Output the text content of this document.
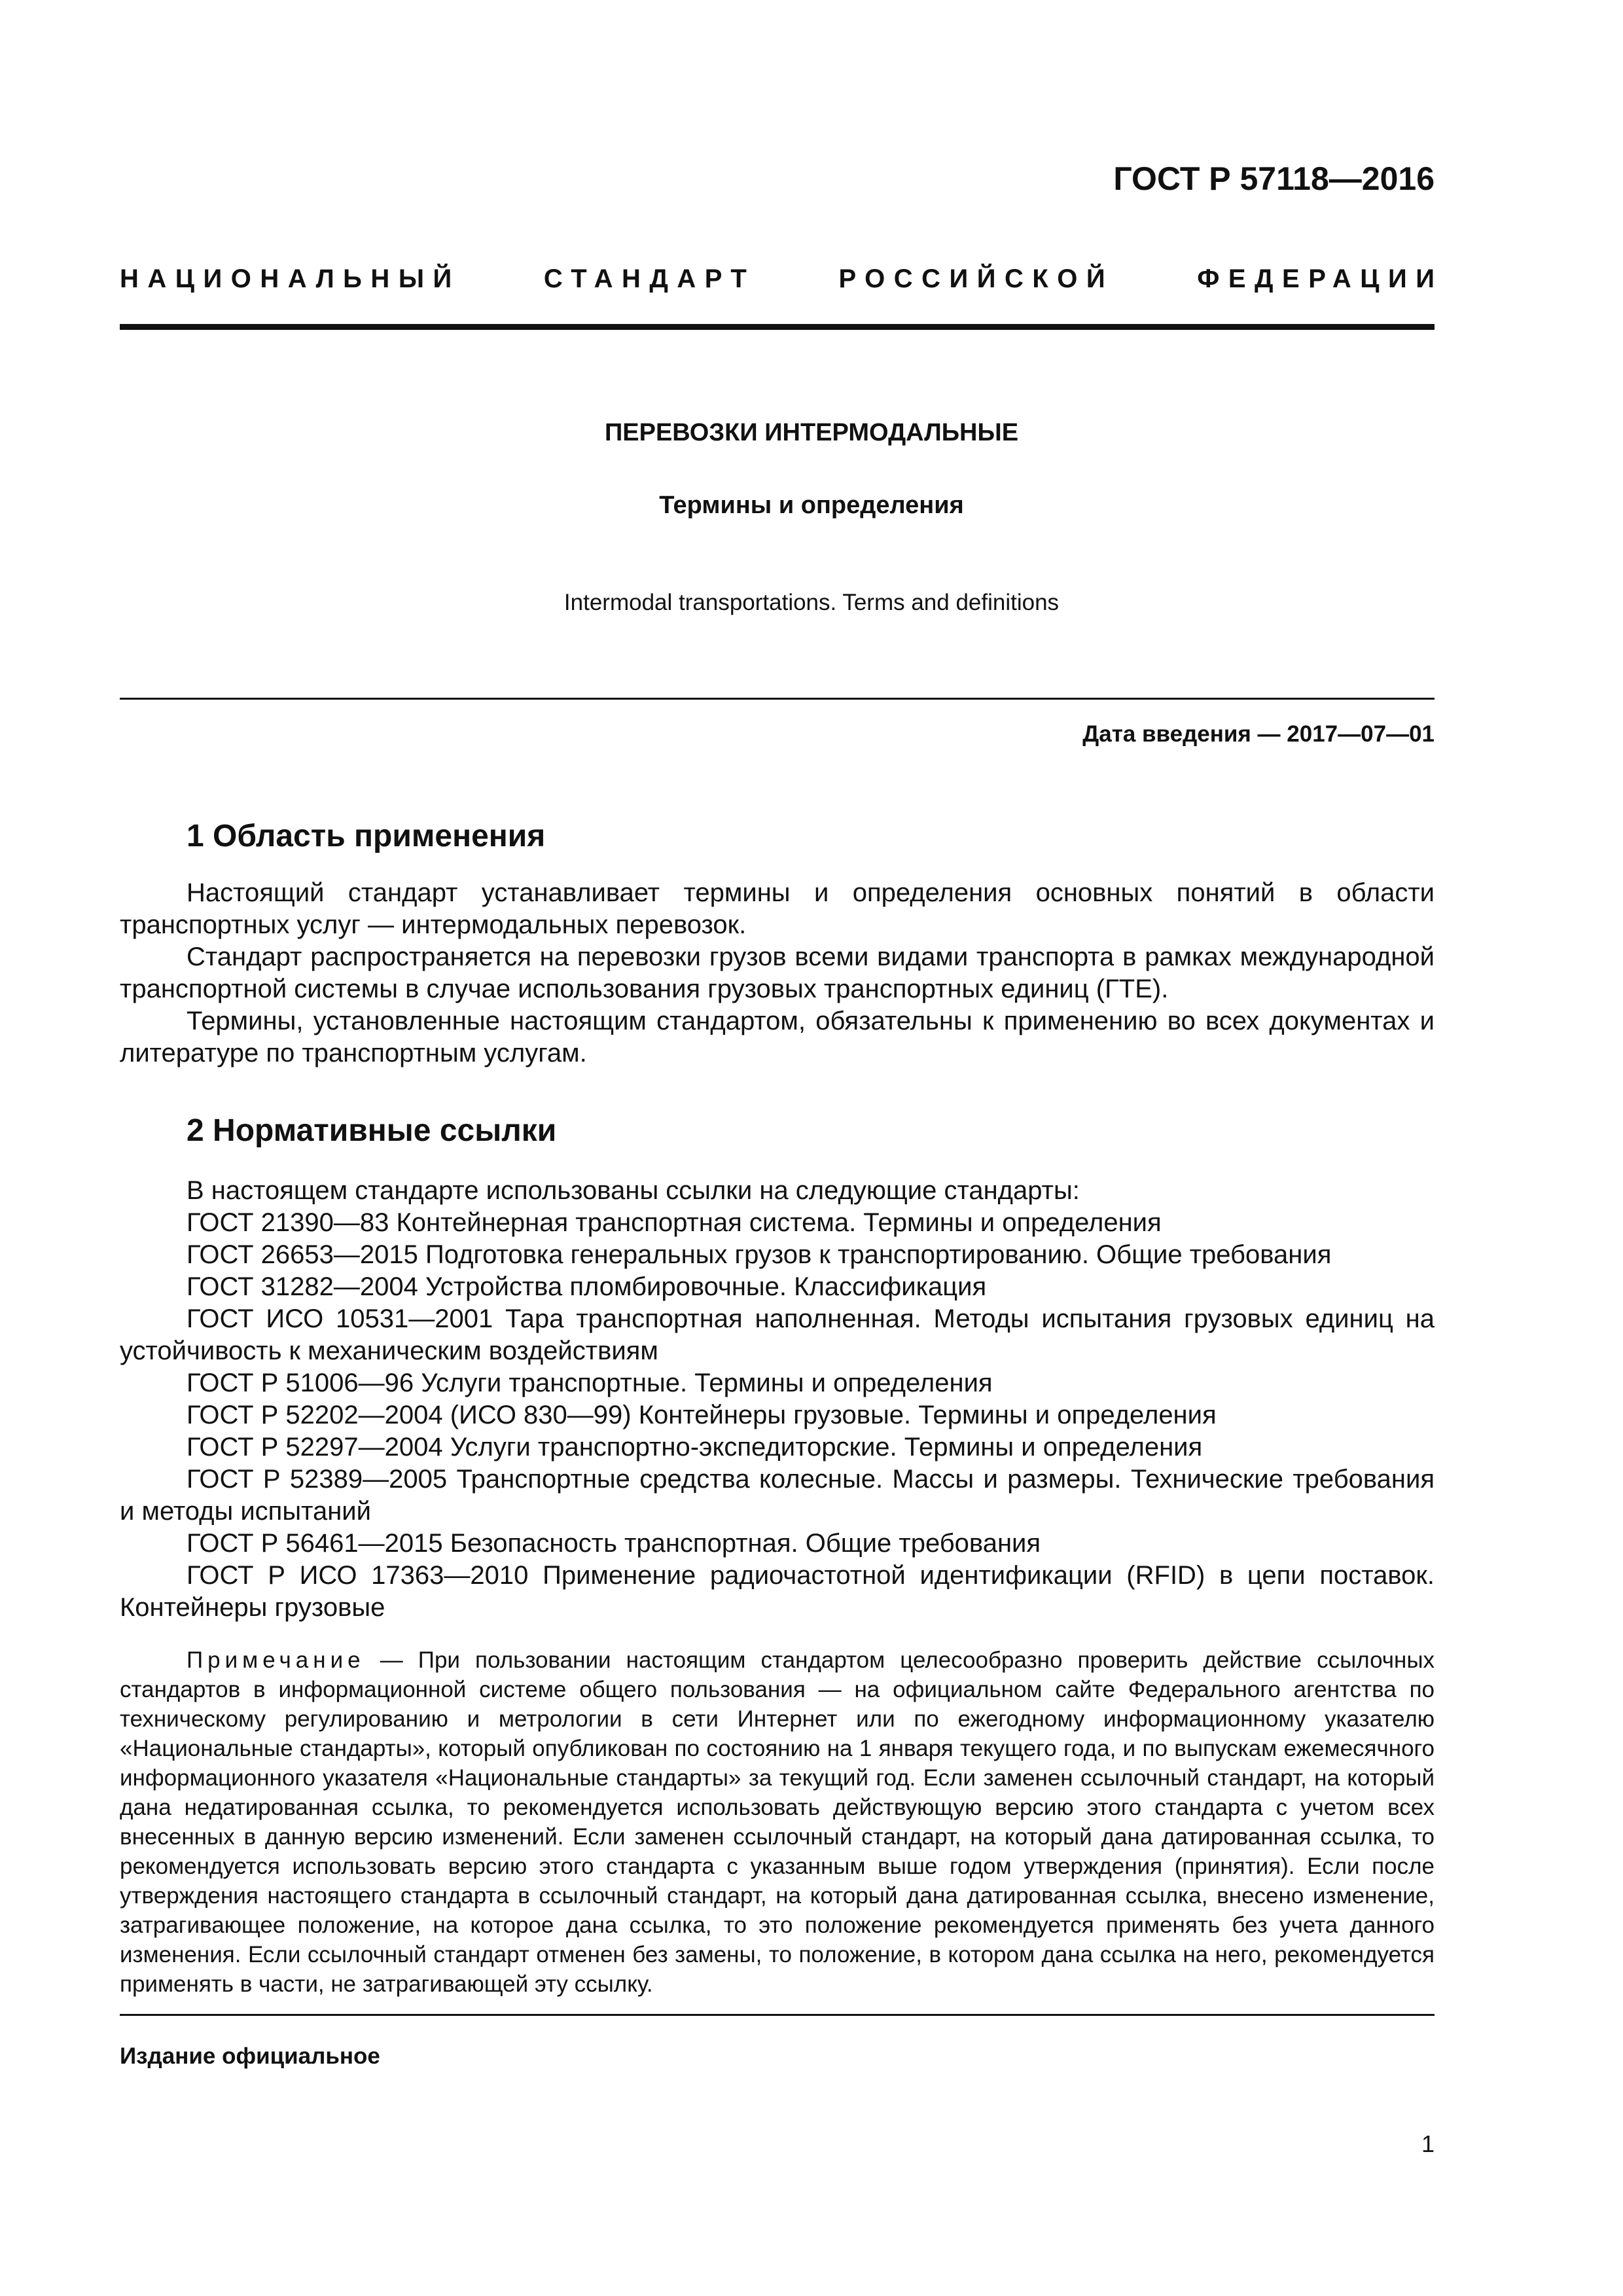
ГОСТ Р 57118—2016
НАЦИОНАЛЬНЫЙ	СТАНДАРТ	РОССИЙСКОЙ	ФЕДЕРАЦИИ
ПЕРЕВОЗКИ ИНТЕРМОДАЛЬНЫЕ
Термины и определения
Intermodal transportations. Terms and definitions
Дата введения — 2017—07—01
1 Область применения

Настоящий стандарт устанавливает термины и определения основных понятий в области транспортных услуг — интермодальных перевозок.

Стандарт распространяется на перевозки грузов всеми видами транспорта в рамках международной транспортной системы в случае использования грузовых транспортных единиц (ГТЕ).

Термины, установленные настоящим стандартом, обязательны к применению во всех документах и литературе по транспортным услугам.

2 Нормативные ссылки

В настоящем стандарте использованы ссылки на следующие стандарты:

ГОСТ 21390—83 Контейнерная транспортная система. Термины и определения

ГОСТ 26653—2015 Подготовка генеральных грузов к транспортированию. Общие требования

ГОСТ 31282—2004 Устройства пломбировочные. Классификация

ГОСТ ИСО 10531—2001 Тара транспортная наполненная. Методы испытания грузовых единиц на устойчивость к механическим воздействиям

ГОСТ Р 51006—96 Услуги транспортные. Термины и определения

ГОСТ Р 52202—2004 (ИСО 830—99) Контейнеры грузовые. Термины и определения

ГОСТ Р 52297—2004 Услуги транспортно-экспедиторские. Термины и определения

ГОСТ Р 52389—2005 Транспортные средства колесные. Массы и размеры. Технические требования и методы испытаний

ГОСТ Р 56461—2015 Безопасность транспортная. Общие требования

ГОСТ Р ИСО 17363—2010 Применение радиочастотной идентификации (RFID) в цепи поставок. Контейнеры грузовые

Примечание — При пользовании настоящим стандартом целесообразно проверить действие ссылочных стандартов в информационной системе общего пользования — на официальном сайте Федерального агентства по техническому регулированию и метрологии в сети Интернет или по ежегодному информационному указателю «Национальные стандарты», который опубликован по состоянию на 1 января текущего года, и по выпускам ежемесячного информационного указателя «Национальные стандарты» за текущий год. Если заменен ссылочный стандарт, на который дана недатированная ссылка, то рекомендуется использовать действующую версию этого стандарта с учетом всех внесенных в данную версию изменений. Если заменен ссылочный стандарт, на который дана датированная ссылка, то рекомендуется использовать версию этого стандарта с указанным выше годом утверждения (принятия). Если после утверждения настоящего стандарта в ссылочный стандарт, на который дана датированная ссылка, внесено изменение, затрагивающее положение, на которое дана ссылка, то это положение рекомендуется применять без учета данного изменения. Если ссылочный стандарт отменен без замены, то положение, в котором дана ссылка на него, рекомендуется применять в части, не затрагивающей эту ссылку.

Издание официальное
1
